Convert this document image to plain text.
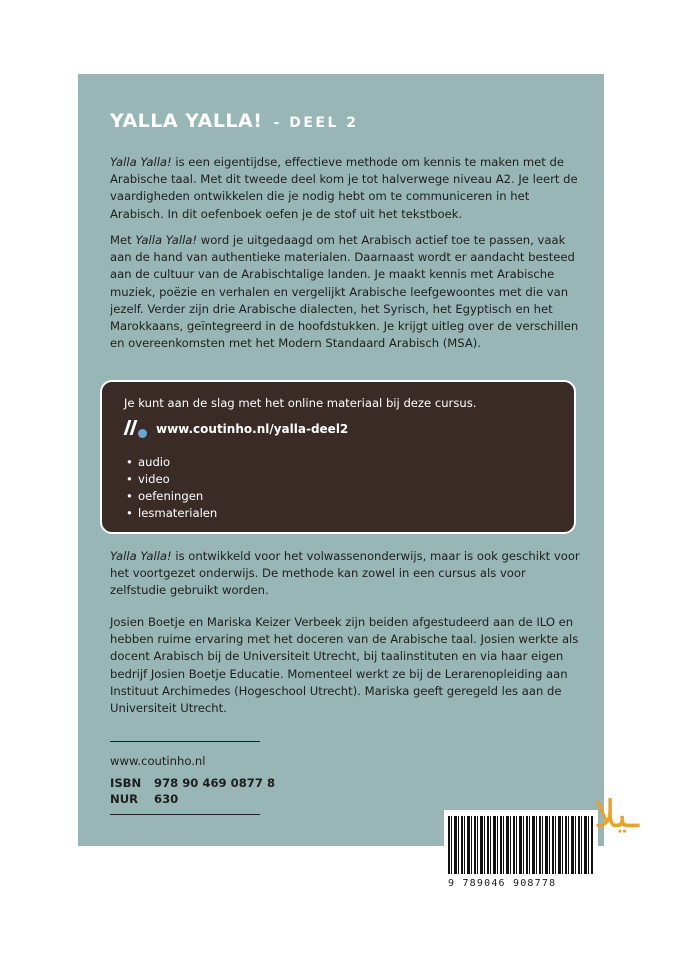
YALLA YALLA! - DEEL 2

Yalla Yalla! is een eigentijdse, effectieve methode om kennis te maken met de Arabische taal. Met dit tweede deel kom je tot halverwege niveau A2. Je leert de vaardigheden ontwikkelen die je nodig hebt om te communiceren in het Arabisch. In dit oefenboek oefen je de stof uit het tekstboek.

Met Yalla Yalla! word je uitgedaagd om het Arabisch actief toe te passen, vaak aan de hand van authentieke materialen. Daarnaast wordt er aandacht besteed aan de cultuur van de Arabischtalige landen. Je maakt kennis met Arabische muziek, poëzie en verhalen en vergelijkt Arabische leefgewoontes met die van jezelf. Verder zijn drie Arabische dialecten, het Syrisch, het Egyptisch en het Marokkaans, geïntegreerd in de hoofdstukken. Je krijgt uitleg over de verschillen en overeenkomsten met het Modern Standaard Arabisch (MSA).

Je kunt aan de slag met het online materiaal bij deze cursus.
www.coutinho.nl/yalla-deel2
• audio
• video
• oefeningen
• lesmaterialen

Yalla Yalla! is ontwikkeld voor het volwassenonderwijs, maar is ook geschikt voor het voortgezet onderwijs. De methode kan zowel in een cursus als voor zelfstudie gebruikt worden.

Josien Boetje en Mariska Keizer Verbeek zijn beiden afgestudeerd aan de ILO en hebben ruime ervaring met het doceren van de Arabische taal. Josien werkte als docent Arabisch bij de Universiteit Utrecht, bij taalinstituten en via haar eigen bedrijf Josien Boetje Educatie. Momenteel werkt ze bij de Lerarenopleiding aan Instituut Archimedes (Hogeschool Utrecht). Mariska geeft geregeld les aan de Universiteit Utrecht.

www.coutinho.nl
ISBN 978 90 469 0877 8
NUR 630
9 789046 908778
ـيلا
